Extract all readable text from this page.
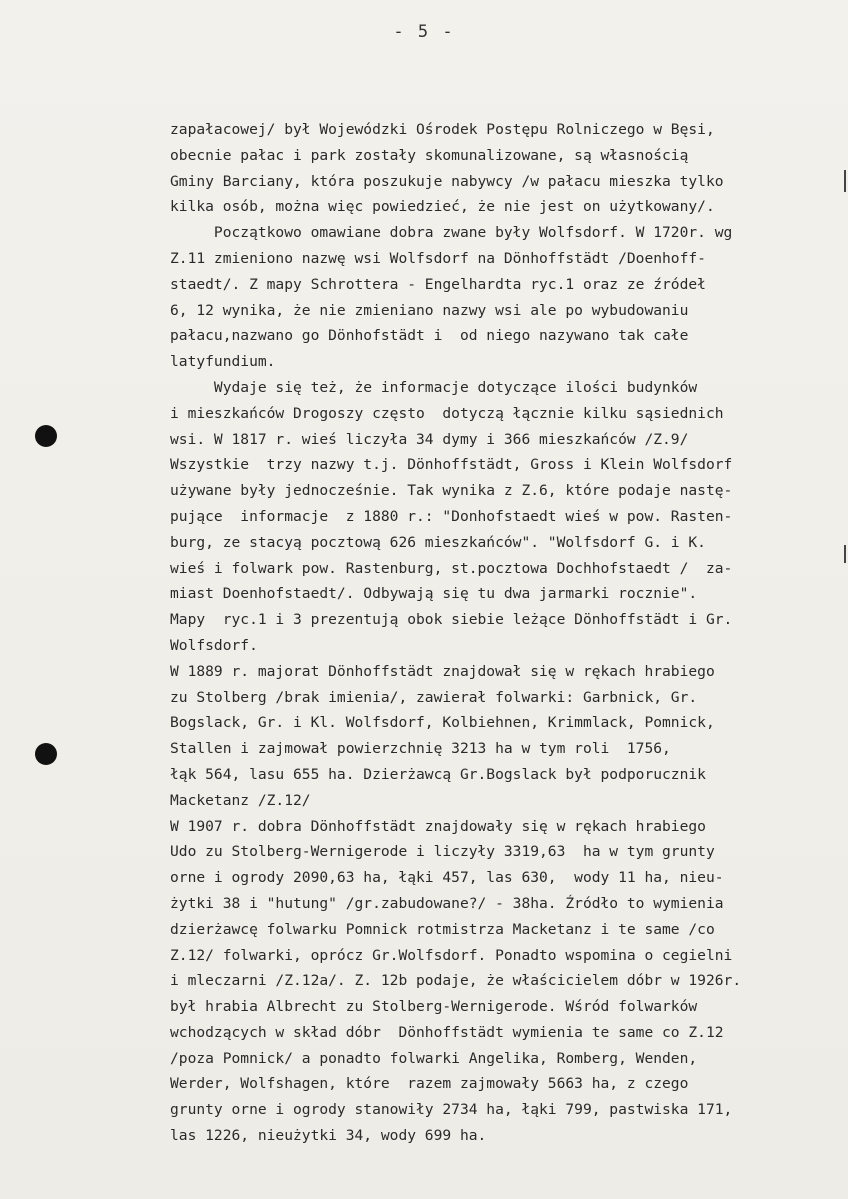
- 5 -
zapałacowej/ był Wojewódzki Ośrodek Postępu Rolniczego w Bęsi,
obecnie pałac i park zostały skomunalizowane, są własnością
Gminy Barciany, która poszukuje nabywcy /w pałacu mieszka tylko
kilka osób, można więc powiedzieć, że nie jest on użytkowany/.
Początkowo omawiane dobra zwane były Wolfsdorf. W 1720r. wg
Z.11 zmieniono nazwę wsi Wolfsdorf na Dönhoffstädt /Doenhoff-
staedt/. Z mapy Schrottera - Engelhardta ryc.1 oraz ze źródeł
6, 12 wynika, że nie zmieniano nazwy wsi ale po wybudowaniu
pałacu,nazwano go Dönhofstädt i  od niego nazywano tak całe
latyfundium.
Wydaje się też, że informacje dotyczące ilości budynków
i mieszkańców Drogoszy często  dotyczą łącznie kilku sąsiednich
wsi. W 1817 r. wieś liczyła 34 dymy i 366 mieszkańców /Z.9/
Wszystkie  trzy nazwy t.j. Dönhoffstädt, Gross i Klein Wolfsdorf
używane były jednocześnie. Tak wynika z Z.6, które podaje nastę-
pujące  informacje  z 1880 r.: "Donhofstaedt wieś w pow. Rasten-
burg, ze stacyą pocztową 626 mieszkańców". "Wolfsdorf G. i K.
wieś i folwark pow. Rastenburg, st.pocztowa Dochhofstaedt /  za-
miast Doenhofstaedt/. Odbywają się tu dwa jarmarki rocznie".
Mapy  ryc.1 i 3 prezentują obok siebie leżące Dönhoffstädt i Gr.
Wolfsdorf.
W 1889 r. majorat Dönhoffstädt znajdował się w rękach hrabiego
zu Stolberg /brak imienia/, zawierał folwarki: Garbnick, Gr.
Bogslack, Gr. i Kl. Wolfsdorf, Kolbiehnen, Krimmlack, Pomnick,
Stallen i zajmował powierzchnię 3213 ha w tym roli  1756,
łąk 564, lasu 655 ha. Dzierżawcą Gr.Bogslack był podporucznik
Macketanz /Z.12/
W 1907 r. dobra Dönhoffstädt znajdowały się w rękach hrabiego
Udo zu Stolberg-Wernigerode i liczyły 3319,63  ha w tym grunty
orne i ogrody 2090,63 ha, łąki 457, las 630,  wody 11 ha, nieu-
żytki 38 i "hutung" /gr.zabudowane?/ - 38ha. Źródło to wymienia
dzierżawcę folwarku Pomnick rotmistrza Macketanz i te same /co
Z.12/ folwarki, oprócz Gr.Wolfsdorf. Ponadto wspomina o cegielni
i mleczarni /Z.12a/. Z. 12b podaje, że właścicielem dóbr w 1926r.
był hrabia Albrecht zu Stolberg-Wernigerode. Wśród folwarków
wchodzących w skład dóbr  Dönhoffstädt wymienia te same co Z.12
/poza Pomnick/ a ponadto folwarki Angelika, Romberg, Wenden,
Werder, Wolfshagen, które  razem zajmowały 5663 ha, z czego
grunty orne i ogrody stanowiły 2734 ha, łąki 799, pastwiska 171,
las 1226, nieużytki 34, wody 699 ha.
